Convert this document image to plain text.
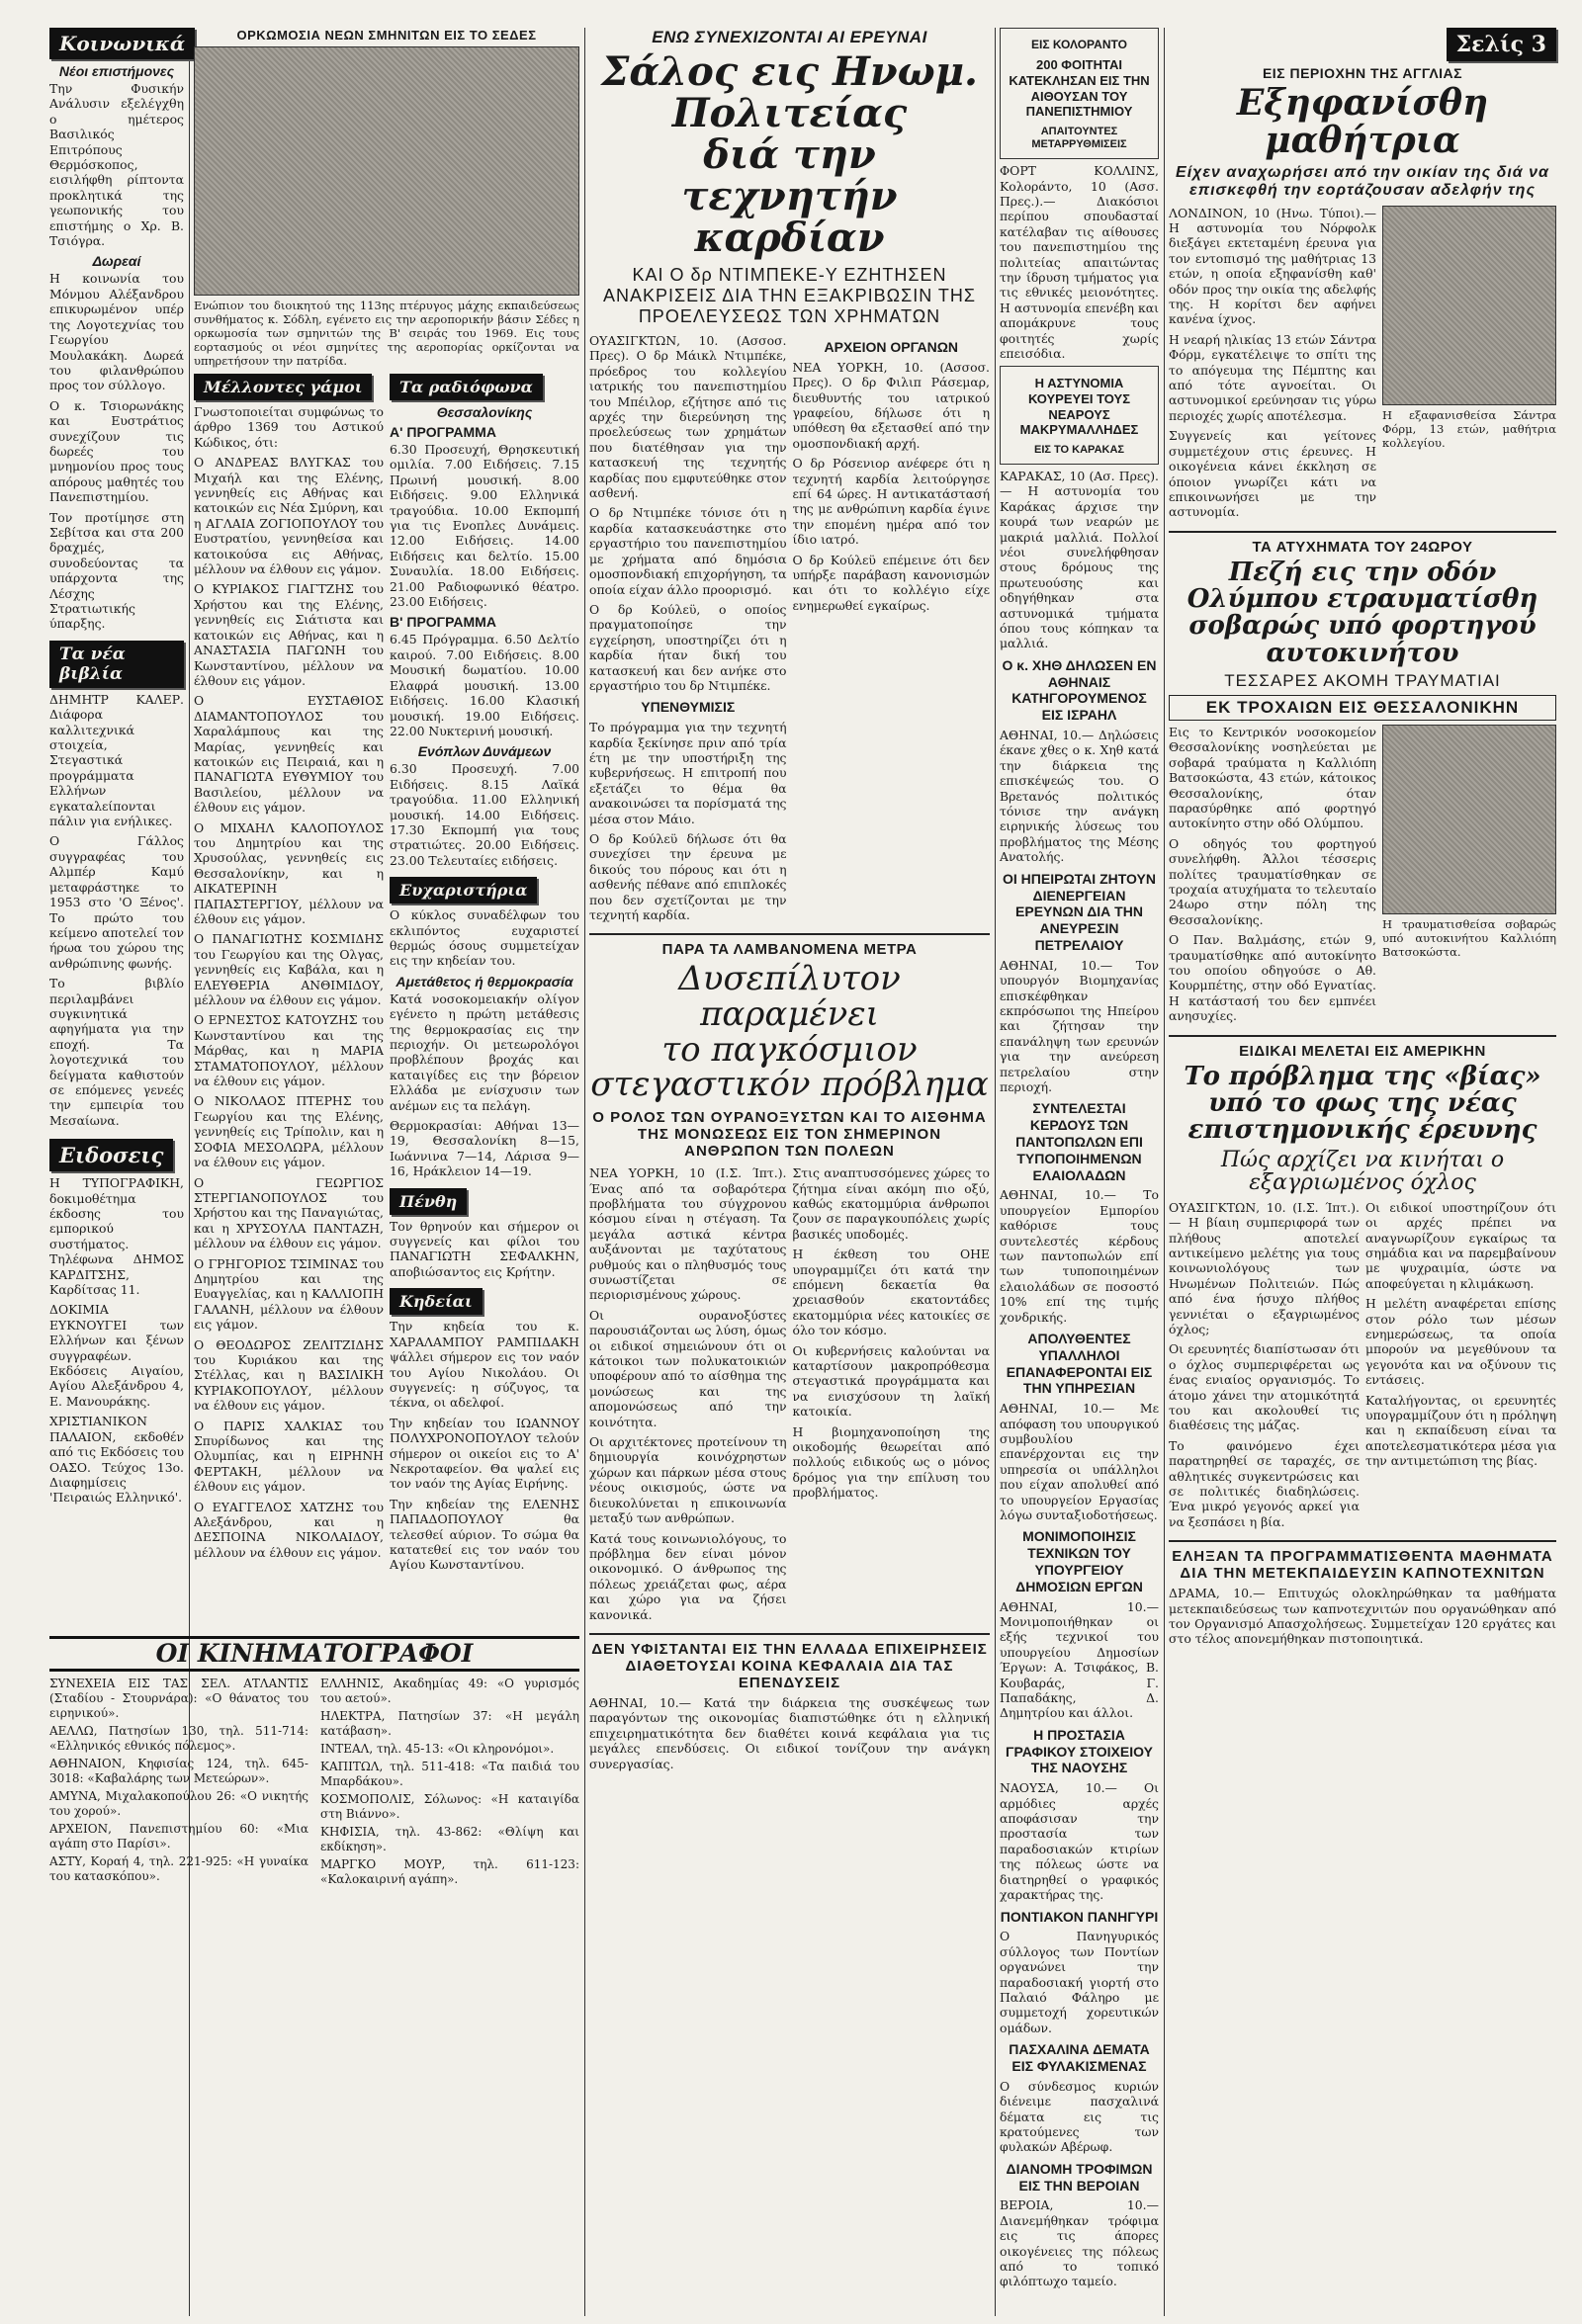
Κοινωνικά
Νέοι επιστήμονες

Την Φυσικήν Ανάλυσιν εξελέγχθη ο ημέτερος Βασιλικός Επιτρόπους Θερμόσκοπος, εισιλήφθη ρίπτοντα προκλητικά της γεωπονικής του επιστήμης ο Χρ. Β. Τσιόγρα.

Δωρεαί

Η κοινωνία του Μόνμου Αλέξανδρου επικυρωμένον υπέρ της Λογοτεχνίας του Γεωργίου Μουλακάκη. Δωρεά του φιλανθρώπου προς τον σύλλογο.

Ο κ. Τσιορωνάκης και Ευστράτιος συνεχίζουν τις δωρεές του μνημονίου προς τους απόρους μαθητές του Πανεπιστημίου.

Τον προτίμησε στη Σεβίτσα και στα 200 δραχμές, συνοδεύοντας τα υπάρχοντα της Λέσχης Στρατιωτικής ύπαρξης.

Τα νέα βιβλία

ΔΗΜΗΤΡ ΚΑΛΕΡ. Διάφορα καλλιτεχνικά στοιχεία, Στεγαστικά προγράμματα Ελλήνων εγκαταλείπονται πάλιν για ενήλικες.

Ο Γάλλος συγγραφέας του Αλμπέρ Καμύ μεταφράστηκε το 1953 στο 'Ο Ξένος'. Το πρώτο του κείμενο αποτελεί τον ήρωα του χώρου της ανθρώπινης φωνής.

Το βιβλίο περιλαμβάνει συγκινητικά αφηγήματα για την εποχή. Τα λογοτεχνικά του δείγματα καθιστούν σε επόμενες γενεές την εμπειρία του Μεσαίωνα.

Ειδοσεις

Η ΤΥΠΟΓΡΑΦΙΚΗ, δοκιμοθέτημα έκδοσης του εμπορικού συστήματος. Τηλέφωνα ΔΗΜΟΣ ΚΑΡΔΙΤΣΗΣ, Καρδίτσας 11.

ΔΟΚΙΜΙΑ ΕΥΚΝΟΥΓΕΙ των Ελλήνων και ξένων συγγραφέων. Εκδόσεις Αιγαίου, Αγίου Αλεξάνδρου 4, Ε. Μανουράκης.

ΧΡΙΣΤΙΑΝΙΚΟΝ ΠΑΛΑΙΟΝ, εκδοθέν από τις Εκδόσεις του ΟΑΣΟ. Τεύχος 13ο. Διαφημίσεις 'Πειραιώς Ελληνικό'.

ΟΙ ΚΙΝΗΜΑΤΟΓΡΑΦΟΙ
ΣΥΝΕΧΕΙΑ ΕΙΣ ΤΑΣ ΣΕΛ. ΑΤΛΑΝΤΙΣ (Σταδίου - Στουρνάρα): «Ο θάνατος του ειρηνικού».
ΑΕΛΛΩ, Πατησίων 130, τηλ. 511-714: «Ελληνικός εθνικός πόλεμος».
ΑΘΗΝΑΙΟΝ, Κηφισίας 124, τηλ. 645-3018: «Καβαλάρης των Μετεώρων».
ΑΜΥΝΑ, Μιχαλακοπούλου 26: «Ο νικητής του χορού».
ΑΡΧΕΙΟΝ, Πανεπιστημίου 60: «Μια αγάπη στο Παρίσι».
ΑΣΤΥ, Κοραή 4, τηλ. 221-925: «Η γυναίκα του κατασκόπου».
ΕΛΛΗΝΙΣ, Ακαδημίας 49: «Ο γυρισμός του αετού».
ΗΛΕΚΤΡΑ, Πατησίων 37: «Η μεγάλη κατάβαση».
ΙΝΤΕΑΛ, τηλ. 45-13: «Οι κληρονόμοι».
ΚΑΠΙΤΩΛ, τηλ. 511-418: «Τα παιδιά του Μπαρδάκου».
ΚΟΣΜΟΠΟΛΙΣ, Σόλωνος: «Η καταιγίδα στη Βιάννο».
ΚΗΦΙΣΙΑ, τηλ. 43-862: «Θλίψη και εκδίκηση».
ΜΑΡΓΚΟ ΜΟΥΡ, τηλ. 611-123: «Καλοκαιρινή αγάπη».
ΟΡΚΩΜΟΣΙΑ ΝΕΩΝ ΣΜΗΝΙΤΩΝ ΕΙΣ ΤΟ ΣΕΔΕΣ
Ενώπιον του διοικητού της 113ης πτέρυγος μάχης εκπαιδεύσεως συνθήματος κ. Σόδλη, εγένετο εις την αεροπορικήν βάσιν Σέδες η ορκωμοσία των σμηνιτών της Β' σειράς του 1969. Εις τους εορτασμούς οι νέοι σμηνίτες της αεροπορίας ορκίζονται να υπηρετήσουν την πατρίδα.
Μέλλοντες γάμοι

Γνωστοποιείται συμφώνως το άρθρο 1369 του Αστικού Κώδικος, ότι:

Ο ΑΝΔΡΕΑΣ ΒΛΥΓΚΑΣ του Μιχαήλ και της Ελένης, γεννηθείς εις Αθήνας και κατοικών εις Νέα Σμύρνη, και η ΑΓΛΑΙΑ ΖΟΓΙΟΠΟΥΛΟΥ του Ευστρατίου, γεννηθείσα και κατοικούσα εις Αθήνας, μέλλουν να έλθουν εις γάμον.

Ο ΚΥΡΙΑΚΟΣ ΓΙΑΓΤΖΗΣ του Χρήστου και της Ελένης, γεννηθείς εις Σιάτιστα και κατοικών εις Αθήνας, και η ΑΝΑΣΤΑΣΙΑ ΠΑΓΩΝΗ του Κωνσταντίνου, μέλλουν να έλθουν εις γάμον.

Ο ΕΥΣΤΑΘΙΟΣ ΔΙΑΜΑΝΤΟΠΟΥΛΟΣ του Χαραλάμπους και της Μαρίας, γεννηθείς και κατοικών εις Πειραιά, και η ΠΑΝΑΓΙΩΤΑ ΕΥΘΥΜΙΟΥ του Βασιλείου, μέλλουν να έλθουν εις γάμον.

Ο ΜΙΧΑΗΛ ΚΑΛΟΠΟΥΛΟΣ του Δημητρίου και της Χρυσούλας, γεννηθείς εις Θεσσαλονίκην, και η ΑΙΚΑΤΕΡΙΝΗ ΠΑΠΑΣΤΕΡΓΙΟΥ, μέλλουν να έλθουν εις γάμον.

Ο ΠΑΝΑΓΙΩΤΗΣ ΚΟΣΜΙΔΗΣ του Γεωργίου και της Ολγας, γεννηθείς εις Καβάλα, και η ΕΛΕΥΘΕΡΙΑ ΑΝΘΙΜΙΔΟΥ, μέλλουν να έλθουν εις γάμον.

Ο ΕΡΝΕΣΤΟΣ ΚΑΤΟΥΖΗΣ του Κωνσταντίνου και της Μάρθας, και η ΜΑΡΙΑ ΣΤΑΜΑΤΟΠΟΥΛΟΥ, μέλλουν να έλθουν εις γάμον.

Ο ΝΙΚΟΛΑΟΣ ΠΤΕΡΗΣ του Γεωργίου και της Ελένης, γεννηθείς εις Τρίπολιν, και η ΣΟΦΙΑ ΜΕΣΟΛΩΡΑ, μέλλουν να έλθουν εις γάμον.

Ο ΓΕΩΡΓΙΟΣ ΣΤΕΡΓΙΑΝΟΠΟΥΛΟΣ του Χρήστου και της Παναγιώτας, και η ΧΡΥΣΟΥΛΑ ΠΑΝΤΑΖΗ, μέλλουν να έλθουν εις γάμον.

Ο ΓΡΗΓΟΡΙΟΣ ΤΣΙΜΙΝΑΣ του Δημητρίου και της Ευαγγελίας, και η ΚΑΛΛΙΟΠΗ ΓΑΛΑΝΗ, μέλλουν να έλθουν εις γάμον.

Ο ΘΕΟΔΩΡΟΣ ΖΕΛΙΤΖΙΔΗΣ του Κυριάκου και της Στέλλας, και η ΒΑΣΙΛΙΚΗ ΚΥΡΙΑΚΟΠΟΥΛΟΥ, μέλλουν να έλθουν εις γάμον.

Ο ΠΑΡΙΣ ΧΑΛΚΙΑΣ του Σπυρίδωνος και της Ολυμπίας, και η ΕΙΡΗΝΗ ΦΕΡΤΑΚΗ, μέλλουν να έλθουν εις γάμον.

Ο ΕΥΑΓΓΕΛΟΣ ΧΑΤΖΗΣ του Αλεξάνδρου, και η ΔΕΣΠΟΙΝΑ ΝΙΚΟΛΑΙΔΟΥ, μέλλουν να έλθουν εις γάμον.

Τα ραδιόφωνα
Θεσσαλονίκης
Α' ΠΡΟΓΡΑΜΜΑ

6.30 Προσευχή, Θρησκευτική ομιλία. 7.00 Ειδήσεις. 7.15 Πρωινή μουσική. 8.00 Ειδήσεις. 9.00 Ελληνικά τραγούδια. 10.00 Εκπομπή για τις Ενοπλες Δυνάμεις. 12.00 Ειδήσεις. 14.00 Ειδήσεις και δελτίο. 15.00 Συναυλία. 18.00 Ειδήσεις. 21.00 Ραδιοφωνικό θέατρο. 23.00 Ειδήσεις.

Β' ΠΡΟΓΡΑΜΜΑ

6.45 Πρόγραμμα. 6.50 Δελτίο καιρού. 7.00 Ειδήσεις. 8.00 Μουσική δωματίου. 10.00 Ελαφρά μουσική. 13.00 Ειδήσεις. 16.00 Κλασική μουσική. 19.00 Ειδήσεις. 22.00 Νυκτερινή μουσική.

Ενόπλων Δυνάμεων

6.30 Προσευχή. 7.00 Ειδήσεις. 8.15 Λαϊκά τραγούδια. 11.00 Ελληνική μουσική. 14.00 Ειδήσεις. 17.30 Εκπομπή για τους στρατιώτες. 20.00 Ειδήσεις. 23.00 Τελευταίες ειδήσεις.

Ευχαριστήρια

Ο κύκλος συναδέλφων του εκλιπόντος ευχαριστεί θερμώς όσους συμμετείχαν εις την κηδείαν του.

Αμετάθετος ή θερμοκρασία

Κατά νοσοκομειακήν ολίγον εγένετο η πρώτη μετάθεσις της θερμοκρασίας εις την περιοχήν. Οι μετεωρολόγοι προβλέπουν βροχάς και καταιγίδες εις την βόρειον Ελλάδα με ενίσχυσιν των ανέμων εις τα πελάγη.

Θερμοκρασίαι: Αθήναι 13—19, Θεσσαλονίκη 8—15, Ιωάννινα 7—14, Λάρισα 9—16, Ηράκλειον 14—19.

Πένθη

Τον θρηνούν και σήμερον οι συγγενείς και φίλοι του ΠΑΝΑΓΙΩΤΗ ΣΕΦΑΛΚΗΝ, αποβιώσαντος εις Κρήτην.

Κηδείαι

Την κηδεία του κ. ΧΑΡΑΛΑΜΠΟΥ ΡΑΜΠΙΔΑΚΗ ψάλλει σήμερον εις τον ναόν του Αγίου Νικολάου. Οι συγγενείς: η σύζυγος, τα τέκνα, οι αδελφοί.

Την κηδείαν του ΙΩΑΝΝΟΥ ΠΟΛΥΧΡΟΝΟΠΟΥΛΟΥ τελούν σήμερον οι οικείοι εις το Α' Νεκροταφείον. Θα ψαλεί εις τον ναόν της Αγίας Ειρήνης.

Την κηδείαν της ΕΛΕΝΗΣ ΠΑΠΑΔΟΠΟΥΛΟΥ θα τελεσθεί αύριον. Το σώμα θα κατατεθεί εις τον ναόν του Αγίου Κωνσταντίνου.

ΕΝΩ ΣΥΝΕΧΙΖΟΝΤΑΙ ΑΙ ΕΡΕΥΝΑΙ
Σάλος εις Ηνωμ. Πολιτείας
διά την τεχνητήν καρδίαν
ΚΑΙ Ο δρ ΝΤΙΜΠΕΚΕ-Υ ΕΖΗΤΗΣΕΝ ΑΝΑΚΡΙΣΕΙΣ ΔΙΑ ΤΗΝ ΕΞΑΚΡΙΒΩΣΙΝ ΤΗΣ ΠΡΟΕΛΕΥΣΕΩΣ ΤΩΝ ΧΡΗΜΑΤΩΝ

ΟΥΑΣΙΓΚΤΩΝ, 10. (Ασσοσ. Πρες). Ο δρ Μάικλ Ντιμπέκε, πρόεδρος του κολλεγίου ιατρικής του πανεπιστημίου του Μπέιλορ, εζήτησε από τις αρχές την διερεύνηση της προελεύσεως των χρημάτων που διατέθησαν για την κατασκευή της τεχνητής καρδίας που εμφυτεύθηκε στον ασθενή.

Ο δρ Ντιμπέκε τόνισε ότι η καρδία κατασκευάστηκε στο εργαστήριο του πανεπιστημίου με χρήματα από δημόσια ομοσπονδιακή επιχορήγηση, τα οποία είχαν άλλο προορισμό.

Ο δρ Κούλεϋ, ο οποίος πραγματοποίησε την εγχείρηση, υποστηρίζει ότι η καρδία ήταν δική του κατασκευή και δεν ανήκε στο εργαστήριο του δρ Ντιμπέκε.

ΥΠΕΝΘΥΜΙΣΙΣ

Το πρόγραμμα για την τεχνητή καρδία ξεκίνησε πριν από τρία έτη με την υποστήριξη της κυβερνήσεως. Η επιτροπή που εξετάζει το θέμα θα ανακοινώσει τα πορίσματά της μέσα στον Μάιο.

Ο δρ Κούλεϋ δήλωσε ότι θα συνεχίσει την έρευνα με δικούς του πόρους και ότι η ασθενής πέθανε από επιπλοκές που δεν σχετίζονται με την τεχνητή καρδία.

ΑΡΧΕΙΟΝ ΟΡΓΑΝΩΝ

ΝΕΑ ΥΟΡΚΗ, 10. (Ασσοσ. Πρες). Ο δρ Φιλιπ Ράσεμαρ, διευθυντής του ιατρικού γραφείου, δήλωσε ότι η υπόθεση θα εξετασθεί από την ομοσπονδιακή αρχή.

Ο δρ Ρόσενιορ ανέφερε ότι η τεχνητή καρδία λειτούργησε επί 64 ώρες. Η αντικατάστασή της με ανθρώπινη καρδία έγινε την επομένη ημέρα από τον ίδιο ιατρό.

Ο δρ Κούλεϋ επέμεινε ότι δεν υπήρξε παράβαση κανονισμών και ότι το κολλέγιο είχε ενημερωθεί εγκαίρως.

ΠΑΡΑ ΤΑ ΛΑΜΒΑΝΟΜΕΝΑ ΜΕΤΡΑ
Δυσεπίλυτον παραμένει
το παγκόσμιον
στεγαστικόν πρόβλημα
Ο ΡΟΛΟΣ ΤΩΝ ΟΥΡΑΝΟΞΥΣΤΩΝ ΚΑΙ ΤΟ ΑΙΣΘΗΜΑ ΤΗΣ ΜΟΝΩΣΕΩΣ ΕΙΣ ΤΟΝ ΣΗΜΕΡΙΝΟΝ ΑΝΘΡΩΠΟΝ ΤΩΝ ΠΟΛΕΩΝ

ΝΕΑ ΥΟΡΚΗ, 10 (Ι.Σ. Ίπτ.). Ένας από τα σοβαρότερα προβλήματα του σύγχρονου κόσμου είναι η στέγαση. Τα μεγάλα αστικά κέντρα αυξάνονται με ταχύτατους ρυθμούς και ο πληθυσμός τους συνωστίζεται σε περιορισμένους χώρους.

Οι ουρανοξύστες παρουσιάζονται ως λύση, όμως οι ειδικοί σημειώνουν ότι οι κάτοικοι των πολυκατοικιών υποφέρουν από το αίσθημα της μονώσεως και της απομονώσεως από την κοινότητα.

Οι αρχιτέκτονες προτείνουν τη δημιουργία κοινόχρηστων χώρων και πάρκων μέσα στους νέους οικισμούς, ώστε να διευκολύνεται η επικοινωνία μεταξύ των ανθρώπων.

Κατά τους κοινωνιολόγους, το πρόβλημα δεν είναι μόνον οικονομικό. Ο άνθρωπος της πόλεως χρειάζεται φως, αέρα και χώρο για να ζήσει κανονικά.

Στις αναπτυσσόμενες χώρες το ζήτημα είναι ακόμη πιο οξύ, καθώς εκατομμύρια άνθρωποι ζουν σε παραγκουπόλεις χωρίς βασικές υποδομές.

Η έκθεση του ΟΗΕ υπογραμμίζει ότι κατά την επόμενη δεκαετία θα χρειασθούν εκατοντάδες εκατομμύρια νέες κατοικίες σε όλο τον κόσμο.

Οι κυβερνήσεις καλούνται να καταρτίσουν μακροπρόθεσμα στεγαστικά προγράμματα και να ενισχύσουν τη λαϊκή κατοικία.

Η βιομηχανοποίηση της οικοδομής θεωρείται από πολλούς ειδικούς ως ο μόνος δρόμος για την επίλυση του προβλήματος.

ΔΕΝ ΥΦΙΣΤΑΝΤΑΙ ΕΙΣ ΤΗΝ ΕΛΛΑΔΑ ΕΠΙΧΕΙΡΗΣΕΙΣ ΔΙΑΘΕΤΟΥΣΑΙ ΚΟΙΝΑ ΚΕΦΑΛΑΙΑ ΔΙΑ ΤΑΣ ΕΠΕΝΔΥΣΕΙΣ

ΑΘΗΝΑΙ, 10.— Κατά την διάρκεια της συσκέψεως των παραγόντων της οικονομίας διαπιστώθηκε ότι η ελληνική επιχειρηματικότητα δεν διαθέτει κοινά κεφάλαια για τις μεγάλες επενδύσεις. Οι ειδικοί τονίζουν την ανάγκη συνεργασίας.

ΕΙΣ ΚΟΛΟΡΑΝΤΟ
200 ΦΟΙΤΗΤΑΙ ΚΑΤΕΚΛΗΣΑΝ ΕΙΣ ΤΗΝ ΑΙΘΟΥΣΑΝ ΤΟΥ ΠΑΝΕΠΙΣΤΗΜΙΟΥ
ΑΠΑΙΤΟΥΝΤΕΣ ΜΕΤΑΡΡΥΘΜΙΣΕΙΣ

ΦΟΡΤ ΚΟΛΛΙΝΣ, Κολοράντο, 10 (Ασσ. Πρες.).— Διακόσιοι περίπου σπουδασταί κατέλαβαν τις αίθουσες του πανεπιστημίου της πολιτείας απαιτώντας την ίδρυση τμήματος για τις εθνικές μειονότητες. Η αστυνομία επενέβη και απομάκρυνε τους φοιτητές χωρίς επεισόδια.

Η ΑΣΤΥΝΟΜΙΑ ΚΟΥΡΕΥΕΙ ΤΟΥΣ ΝΕΑΡΟΥΣ ΜΑΚΡΥΜΑΛΛΗΔΕΣ
ΕΙΣ ΤΟ ΚΑΡΑΚΑΣ

ΚΑΡΑΚΑΣ, 10 (Ασ. Πρες).— Η αστυνομία του Καράκας άρχισε την κουρά των νεαρών με μακριά μαλλιά. Πολλοί νέοι συνελήφθησαν στους δρόμους της πρωτευούσης και οδηγήθηκαν στα αστυνομικά τμήματα όπου τους κόπηκαν τα μαλλιά.

Ο κ. ΧΗΘ ΔΗΛΩΣΕΝ ΕΝ ΑΘΗΝΑΙΣ ΚΑΤΗΓΟΡΟΥΜΕΝΟΣ ΕΙΣ ΙΣΡΑΗΛ

ΑΘΗΝΑΙ, 10.— Δηλώσεις έκανε χθες ο κ. Χηθ κατά την διάρκεια της επισκέψεώς του. Ο Βρετανός πολιτικός τόνισε την ανάγκη ειρηνικής λύσεως του προβλήματος της Μέσης Ανατολής.

ΟΙ ΗΠΕΙΡΩΤΑΙ ΖΗΤΟΥΝ ΔΙΕΝΕΡΓΕΙΑΝ ΕΡΕΥΝΩΝ ΔΙΑ ΤΗΝ ΑΝΕΥΡΕΣΙΝ ΠΕΤΡΕΛΑΙΟΥ

ΑΘΗΝΑΙ, 10.— Τον υπουργόν Βιομηχανίας επισκέφθηκαν εκπρόσωποι της Ηπείρου και ζήτησαν την επανάληψη των ερευνών για την ανεύρεση πετρελαίου στην περιοχή.

ΣΥΝΤΕΛΕΣΤΑΙ ΚΕΡΔΟΥΣ ΤΩΝ ΠΑΝΤΟΠΩΛΩΝ ΕΠΙ ΤΥΠΟΠΟΙΗΜΕΝΩΝ ΕΛΑΙΟΛΑΔΩΝ

ΑΘΗΝΑΙ, 10.— Το υπουργείον Εμπορίου καθόρισε τους συντελεστές κέρδους των παντοπωλών επί των τυποποιημένων ελαιολάδων σε ποσοστό 10% επί της τιμής χονδρικής.

ΑΠΟΛΥΘΕΝΤΕΣ ΥΠΑΛΛΗΛΟΙ ΕΠΑΝΑΦΕΡΟΝΤΑΙ ΕΙΣ ΤΗΝ ΥΠΗΡΕΣΙΑΝ

ΑΘΗΝΑΙ, 10.— Με απόφαση του υπουργικού συμβουλίου επανέρχονται εις την υπηρεσία οι υπάλληλοι που είχαν απολυθεί από το υπουργείον Εργασίας λόγω συνταξιοδοτήσεως.

ΜΟΝΙΜΟΠΟΙΗΣΙΣ ΤΕΧΝΙΚΩΝ ΤΟΥ ΥΠΟΥΡΓΕΙΟΥ ΔΗΜΟΣΙΩΝ ΕΡΓΩΝ

ΑΘΗΝΑΙ, 10.— Μονιμοποιήθηκαν οι εξής τεχνικοί του υπουργείου Δημοσίων Έργων: Α. Τσιφάκος, Β. Κουβαράς, Γ. Παπαδάκης, Δ. Δημητρίου και άλλοι.

Η ΠΡΟΣΤΑΣΙΑ ΓΡΑΦΙΚΟΥ ΣΤΟΙΧΕΙΟΥ ΤΗΣ ΝΑΟΥΣΗΣ

ΝΑΟΥΣΑ, 10.— Οι αρμόδιες αρχές αποφάσισαν την προστασία των παραδοσιακών κτιρίων της πόλεως ώστε να διατηρηθεί ο γραφικός χαρακτήρας της.

ΠΟΝΤΙΑΚΟΝ ΠΑΝΗΓΥΡΙ

Ο Πανηγυρικός σύλλογος των Ποντίων οργανώνει την παραδοσιακή γιορτή στο Παλαιό Φάληρο με συμμετοχή χορευτικών ομάδων.

ΠΑΣΧΑΛΙΝΑ ΔΕΜΑΤΑ ΕΙΣ ΦΥΛΑΚΙΣΜΕΝΑΣ

Ο σύνδεσμος κυριών διένειμε πασχαλινά δέματα εις τις κρατούμενες των φυλακών Αβέρωφ.

ΔΙΑΝΟΜΗ ΤΡΟΦΙΜΩΝ ΕΙΣ ΤΗΝ ΒΕΡΟΙΑΝ

ΒΕΡΟΙΑ, 10.— Διανεμήθηκαν τρόφιμα εις τις άπορες οικογένειες της πόλεως από το τοπικό φιλόπτωχο ταμείο.

Σελίς 3
ΕΙΣ ΠΕΡΙΟΧΗΝ ΤΗΣ ΑΓΓΛΙΑΣ
Εξηφανίσθη μαθήτρια
Είχεν αναχωρήσει από την οικίαν της διά να επισκεφθή την εορτάζουσαν αδελφήν της

ΛΟΝΔΙΝΟΝ, 10 (Ηνω. Τύποι).— Η αστυνομία του Νόρφολκ διεξάγει εκτεταμένη έρευνα για τον εντοπισμό της μαθήτριας 13 ετών, η οποία εξηφανίσθη καθ' οδόν προς την οικία της αδελφής της. Η κορίτσι δεν αφήνει κανένα ίχνος.

Η νεαρή ηλικίας 13 ετών Σάντρα Φόρμ, εγκατέλειψε το σπίτι της το απόγευμα της Πέμπτης και από τότε αγνοείται. Οι αστυνομικοί ερεύνησαν τις γύρω περιοχές χωρίς αποτέλεσμα.

Συγγενείς και γείτονες συμμετέχουν στις έρευνες. Η οικογένεια κάνει έκκληση σε όποιον γνωρίζει κάτι να επικοινωνήσει με την αστυνομία.

Η εξαφανισθείσα Σάντρα Φόρμ, 13 ετών, μαθήτρια κολλεγίου.
ΤΑ ΑΤΥΧΗΜΑΤΑ ΤΟΥ 24ΩΡΟΥ
Πεζή εις την οδόν Ολύμπου ετραυματίσθη σοβαρώς υπό φορτηγού αυτοκινήτου
ΤΕΣΣΑΡΕΣ ΑΚΟΜΗ ΤΡΑΥΜΑΤΙΑΙ
ΕΚ ΤΡΟΧΑΙΩΝ ΕΙΣ ΘΕΣΣΑΛΟΝΙΚΗΝ

Εις το Κεντρικόν νοσοκομείον Θεσσαλονίκης νοσηλεύεται με σοβαρά τραύματα η Καλλιόπη Βατσοκώστα, 43 ετών, κάτοικος Θεσσαλονίκης, όταν παρασύρθηκε από φορτηγό αυτοκίνητο στην οδό Ολύμπου.

Ο οδηγός του φορτηγού συνελήφθη. Άλλοι τέσσερις πολίτες τραυματίσθηκαν σε τροχαία ατυχήματα το τελευταίο 24ωρο στην πόλη της Θεσσαλονίκης.

Ο Παν. Βαλμάσης, ετών 9, τραυματίσθηκε από αυτοκίνητο του οποίου οδηγούσε ο Αθ. Κουρμπέτης, στην οδό Εγνατίας. Η κατάστασή του δεν εμπνέει ανησυχίες.

Η τραυματισθείσα σοβαρώς υπό αυτοκινήτου Καλλιόπη Βατσοκώστα.
ΕΙΔΙΚΑΙ ΜΕΛΕΤΑΙ ΕΙΣ ΑΜΕΡΙΚΗΝ
Το πρόβλημα της «βίας» υπό το φως της νέας επιστημονικής έρευνης
Πώς αρχίζει να κινήται ο εξαγριωμένος όχλος

ΟΥΑΣΙΓΚΤΩΝ, 10. (Ι.Σ. Ίπτ.).— Η βίαιη συμπεριφορά των πλήθους αποτελεί αντικείμενο μελέτης για τους κοινωνιολόγους των Ηνωμένων Πολιτειών. Πώς από ένα ήσυχο πλήθος γεννιέται ο εξαγριωμένος όχλος;

Οι ερευνητές διαπίστωσαν ότι ο όχλος συμπεριφέρεται ως ένας ενιαίος οργανισμός. Το άτομο χάνει την ατομικότητά του και ακολουθεί τις διαθέσεις της μάζας.

Το φαινόμενο έχει παρατηρηθεί σε ταραχές, σε αθλητικές συγκεντρώσεις και σε πολιτικές διαδηλώσεις. Ένα μικρό γεγονός αρκεί για να ξεσπάσει η βία.

Οι ειδικοί υποστηρίζουν ότι οι αρχές πρέπει να αναγνωρίζουν εγκαίρως τα σημάδια και να παρεμβαίνουν με ψυχραιμία, ώστε να αποφεύγεται η κλιμάκωση.

Η μελέτη αναφέρεται επίσης στον ρόλο των μέσων ενημερώσεως, τα οποία μπορούν να μεγεθύνουν τα γεγονότα και να οξύνουν τις εντάσεις.

Καταλήγοντας, οι ερευνητές υπογραμμίζουν ότι η πρόληψη και η εκπαίδευση είναι τα αποτελεσματικότερα μέσα για την αντιμετώπιση της βίας.

ΕΛΗΞΑΝ ΤΑ ΠΡΟΓΡΑΜΜΑΤΙΣΘΕΝΤΑ ΜΑΘΗΜΑΤΑ ΔΙΑ ΤΗΝ ΜΕΤΕΚΠΑΙΔΕΥΣΙΝ ΚΑΠΝΟΤΕΧΝΙΤΩΝ

ΔΡΑΜΑ, 10.— Επιτυχώς ολοκληρώθηκαν τα μαθήματα μετεκπαιδεύσεως των καπνοτεχνιτών που οργανώθηκαν από τον Οργανισμό Απασχολήσεως. Συμμετείχαν 120 εργάτες και στο τέλος απονεμήθηκαν πιστοποιητικά.
